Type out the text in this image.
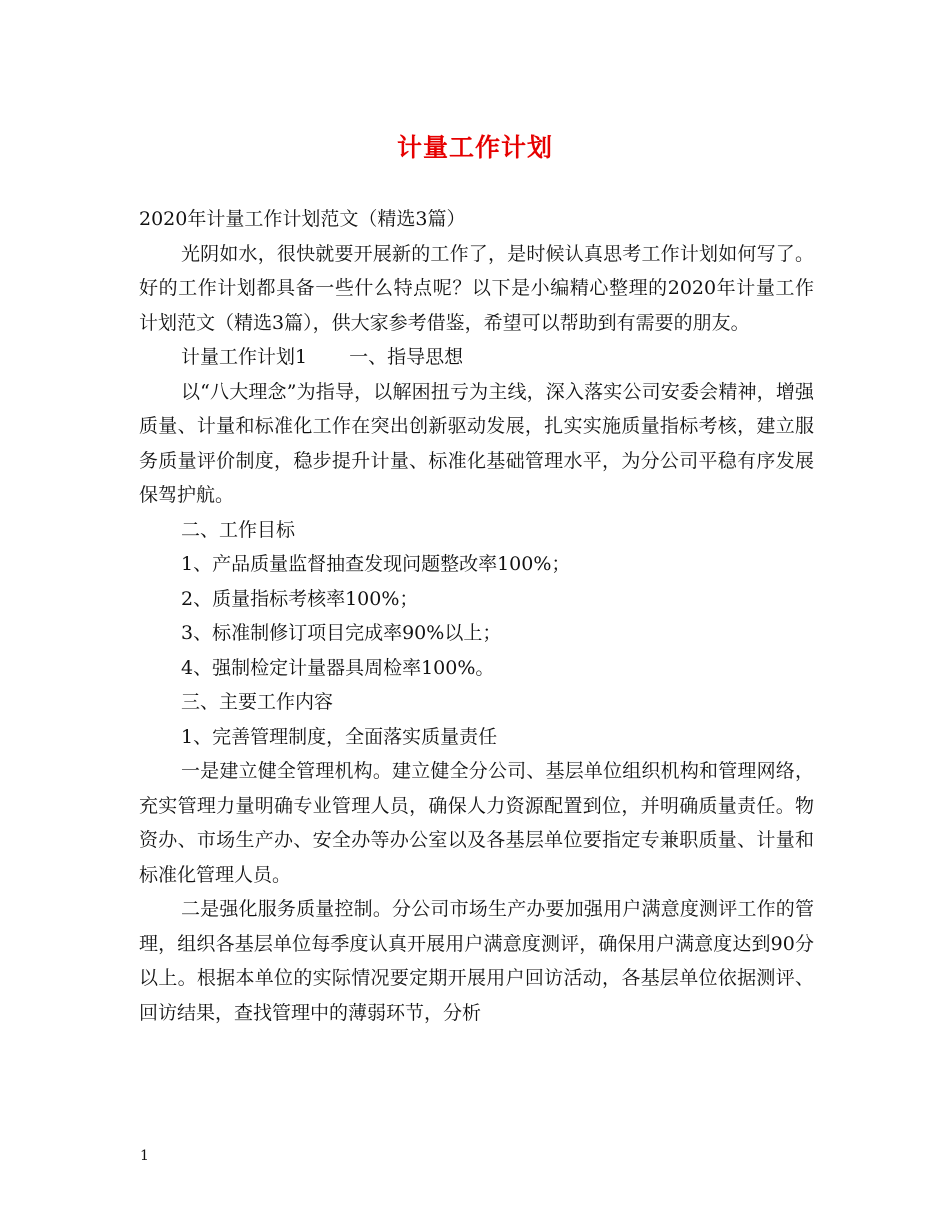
计量工作计划

2020年计量工作计划范文（精选3篇）

光阴如水，很快就要开展新的工作了，是时候认真思考工作计划如何写了。好的工作计划都具备一些什么特点呢？以下是小编精心整理的2020年计量工作计划范文（精选3篇），供大家参考借鉴，希望可以帮助到有需要的朋友。

计量工作计划1 一、指导思想

以“八大理念”为指导，以解困扭亏为主线，深入落实公司安委会精神，增强质量、计量和标准化工作在突出创新驱动发展，扎实实施质量指标考核，建立服务质量评价制度，稳步提升计量、标准化基础管理水平，为分公司平稳有序发展保驾护航。

二、工作目标

1、产品质量监督抽查发现问题整改率100%；

2、质量指标考核率100%；

3、标准制修订项目完成率90%以上；

4、强制检定计量器具周检率100%。

三、主要工作内容

1、完善管理制度，全面落实质量责任

一是建立健全管理机构。建立健全分公司、基层单位组织机构和管理网络，充实管理力量明确专业管理人员，确保人力资源配置到位，并明确质量责任。物资办、市场生产办、安全办等办公室以及各基层单位要指定专兼职质量、计量和标准化管理人员。

二是强化服务质量控制。分公司市场生产办要加强用户满意度测评工作的管理，组织各基层单位每季度认真开展用户满意度测评，确保用户满意度达到90分以上。根据本单位的实际情况要定期开展用户回访活动，各基层单位依据测评、回访结果，查找管理中的薄弱环节，分析

1
